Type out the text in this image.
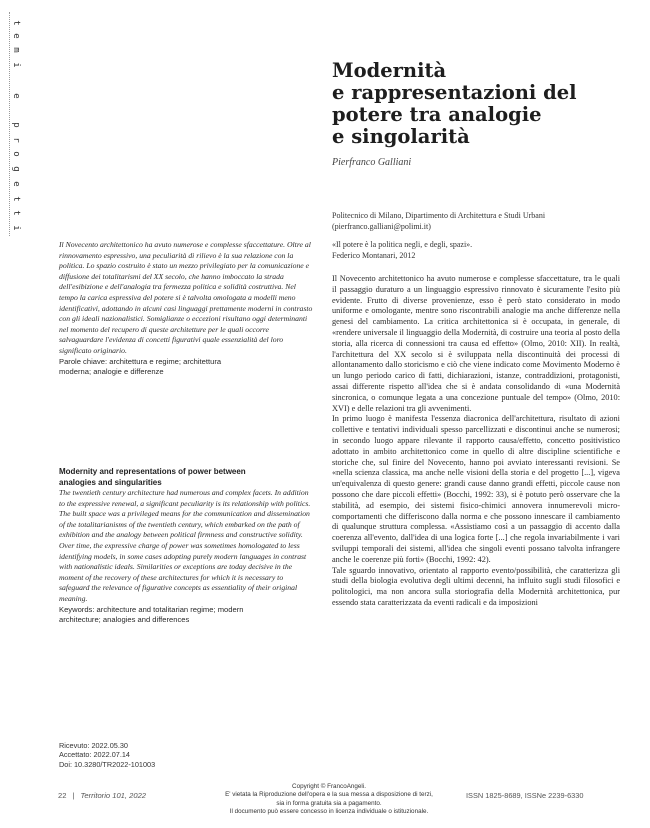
t
e
m
i
e
p
r
o
g
e
t
t
i
Modernità
e rappresentazioni del
potere tra analogie
e singolarità
Pierfranco Galliani
Politecnico di Milano, Dipartimento di Architettura e Studi Urbani
(pierfranco.galliani@polimi.it)
«Il potere è la politica negli, e degli, spazi».
Federico Montanari, 2012
Il Novecento architettonico ha avuto numerose e complesse sfaccettature. Oltre al rinnovamento espressivo, una peculiarità di rilievo è la sua relazione con la politica. Lo spazio costruito è stato un mezzo privilegiato per la comunicazione e diffusione dei totalitarismi del XX secolo, che hanno imboccato la strada dell'esibizione e dell'analogia tra fermezza politica e solidità costruttiva. Nel tempo la carica espressiva del potere si è talvolta omologata a modelli meno identificativi, adottando in alcuni casi linguaggi prettamente moderni in contrasto con gli ideali nazionalistici. Somiglianze o eccezioni risultano oggi determinanti nel momento del recupero di queste architetture per le quali occorre salvaguardare l'evidenza di concetti figurativi quale essenzialità del loro significato originario.
Parole chiave: architettura e regime; architettura
moderna; analogie e differenze
Modernity and representations of power between
analogies and singularities
The twentieth century architecture had numerous and complex facets. In addition to the expressive renewal, a significant peculiarity is its relationship with politics. The built space was a privileged means for the communication and dissemination of the totalitarianisms of the twentieth century, which embarked on the path of exhibition and the analogy between political firmness and constructive solidity. Over time, the expressive charge of power was sometimes homologated to less identifying models, in some cases adopting purely modern languages in contrast with nationalistic ideals. Similarities or exceptions are today decisive in the moment of the recovery of these architectures for which it is necessary to safeguard the relevance of figurative concepts as essentiality of their original meaning.
Keywords: architecture and totalitarian regime; modern
architecture; analogies and differences
Ricevuto: 2022.05.30
Accettato: 2022.07.14
Doi: 10.3280/TR2022-101003

Il Novecento architettonico ha avuto numerose e complesse sfaccettature, tra le quali il passaggio duraturo a un linguaggio espressivo rinnovato è sicuramente l'esito più evidente. Frutto di diverse provenienze, esso è però stato considerato in modo uniforme e omologante, mentre sono riscontrabili analogie ma anche differenze nella genesi del cambiamento. La critica architettonica si è occupata, in generale, di «rendere universale il linguaggio della Modernità, di costruire una teoria al posto della storia, alla ricerca di connessioni tra causa ed effetto» (Olmo, 2010: XII). In realtà, l'architettura del XX secolo si è sviluppata nella discontinuità dei processi di allontanamento dallo storicismo e ciò che viene indicato come Movimento Moderno è un lungo periodo carico di fatti, dichiarazioni, istanze, contraddizioni, protagonisti, assai differente rispetto all'idea che si è andata consolidando di «una Modernità sincronica, o comunque legata a una concezione puntuale del tempo» (Olmo, 2010: XVI) e delle relazioni tra gli avvenimenti.

In primo luogo è manifesta l'essenza diacronica dell'architettura, risultato di azioni collettive e tentativi individuali spesso parcellizzati e discontinui anche se numerosi; in secondo luogo appare rilevante il rapporto causa/effetto, concetto positivistico adottato in ambito architettonico come in quello di altre discipline scientifiche e storiche che, sul finire del Novecento, hanno poi avviato interessanti revisioni. Se «nella scienza classica, ma anche nelle visioni della storia e del progetto [...], vigeva un'equivalenza di questo genere: grandi cause danno grandi effetti, piccole cause non possono che dare piccoli effetti» (Bocchi, 1992: 33), si è potuto però osservare che la stabilità, ad esempio, dei sistemi fisico-chimici annovera innumerevoli micro-comportamenti che differiscono dalla norma e che possono innescare il cambiamento di qualunque struttura complessa. «Assistiamo così a un passaggio di accento dalla coerenza all'evento, dall'idea di una logica forte [...] che regola invariabilmente i vari sviluppi temporali dei sistemi, all'idea che singoli eventi possano talvolta infrangere anche le coerenze più forti» (Bocchi, 1992: 42).

Tale sguardo innovativo, orientato al rapporto evento/possibilità, che caratterizza gli studi della biologia evolutiva degli ultimi decenni, ha influito sugli studi filosofici e politologici, ma non ancora sulla storiografia della Modernità architettonica, pur essendo stata caratterizzata da eventi radicali e da imposizioni

22 | Territorio 101, 2022
Copyright © FrancoAngeli.
E' vietata la Riproduzione dell'opera e la sua messa a disposizione di terzi,
sia in forma gratuita sia a pagamento.
Il documento può essere concesso in licenza individuale o istituzionale.
ISSN 1825-8689, ISSNe 2239-6330
